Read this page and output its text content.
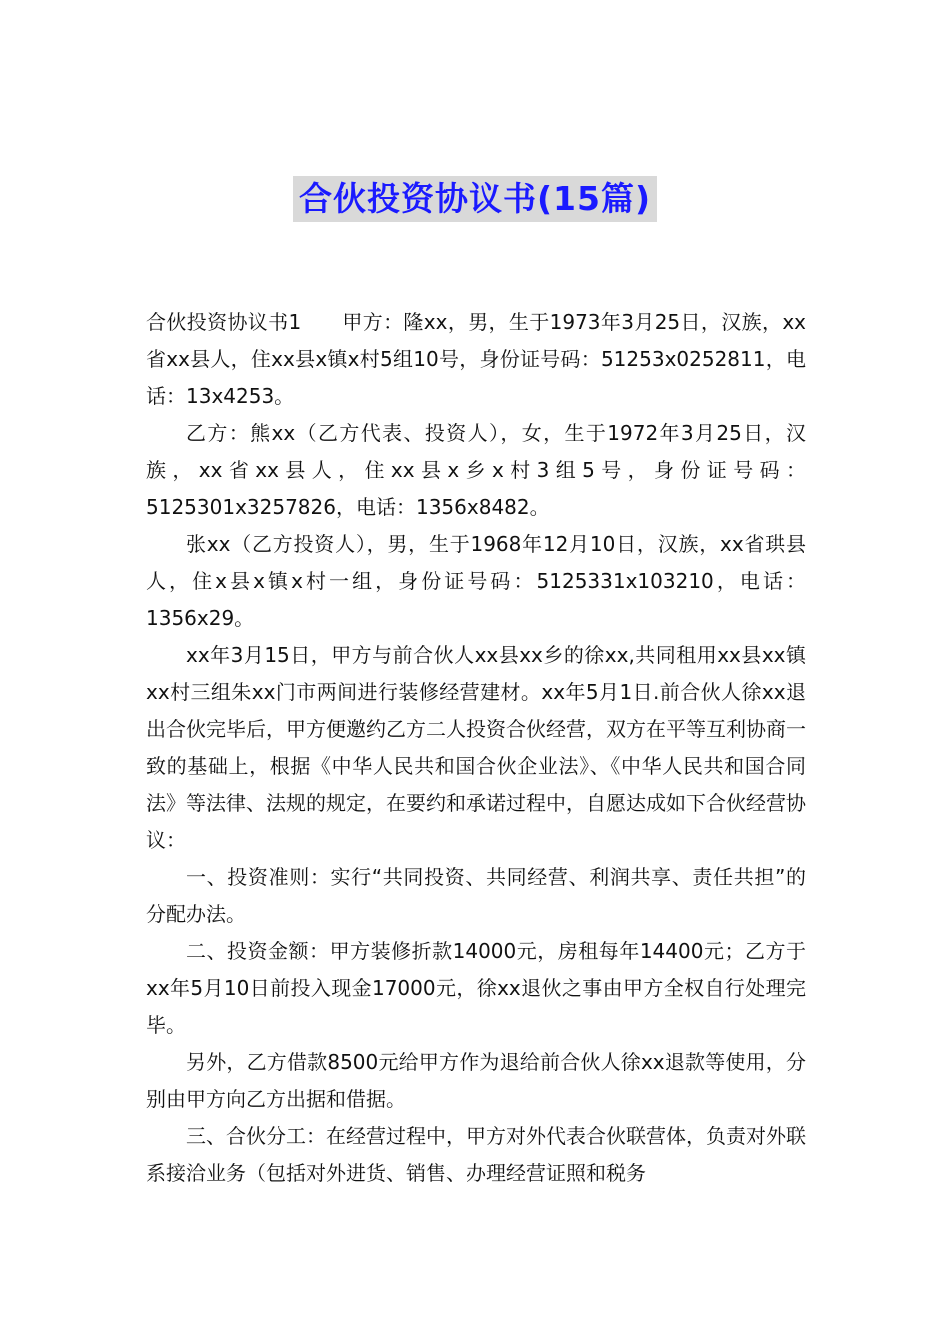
合伙投资协议书(15篇)

合伙投资协议书1　　甲方：隆xx，男，生于1973年3月25日，汉族，xx省xx县人，住xx县x镇x村5组10号，身份证号码：51253x0252811，电话：13x4253。

乙方：熊xx（乙方代表、投资人），女，生于1972年3月25日，汉族，xx省xx县人，住xx县x乡x村3组5号，身份证号码：5125301x3257826，电话：1356x8482。

张xx（乙方投资人），男，生于1968年12月10日，汉族，xx省珙县人，住x县x镇x村一组，身份证号码：5125331x103210，电话：1356x29。

xx年3月15日，甲方与前合伙人xx县xx乡的徐xx,共同租用xx县xx镇xx村三组朱xx门市两间进行装修经营建材。xx年5月1日.前合伙人徐xx退出合伙完毕后，甲方便邀约乙方二人投资合伙经营，双方在平等互利协商一致的基础上，根据《中华人民共和国合伙企业法》、《中华人民共和国合同法》等法律、法规的规定，在要约和承诺过程中，自愿达成如下合伙经营协议：

一、投资准则：实行“共同投资、共同经营、利润共享、责任共担”的分配办法。

二、投资金额：甲方装修折款14000元，房租每年14400元；乙方于xx年5月10日前投入现金17000元，徐xx退伙之事由甲方全权自行处理完毕。

另外，乙方借款8500元给甲方作为退给前合伙人徐xx退款等使用，分别由甲方向乙方出据和借据。

三、合伙分工：在经营过程中，甲方对外代表合伙联营体，负责对外联系接洽业务（包括对外进货、销售、办理经营证照和税务
